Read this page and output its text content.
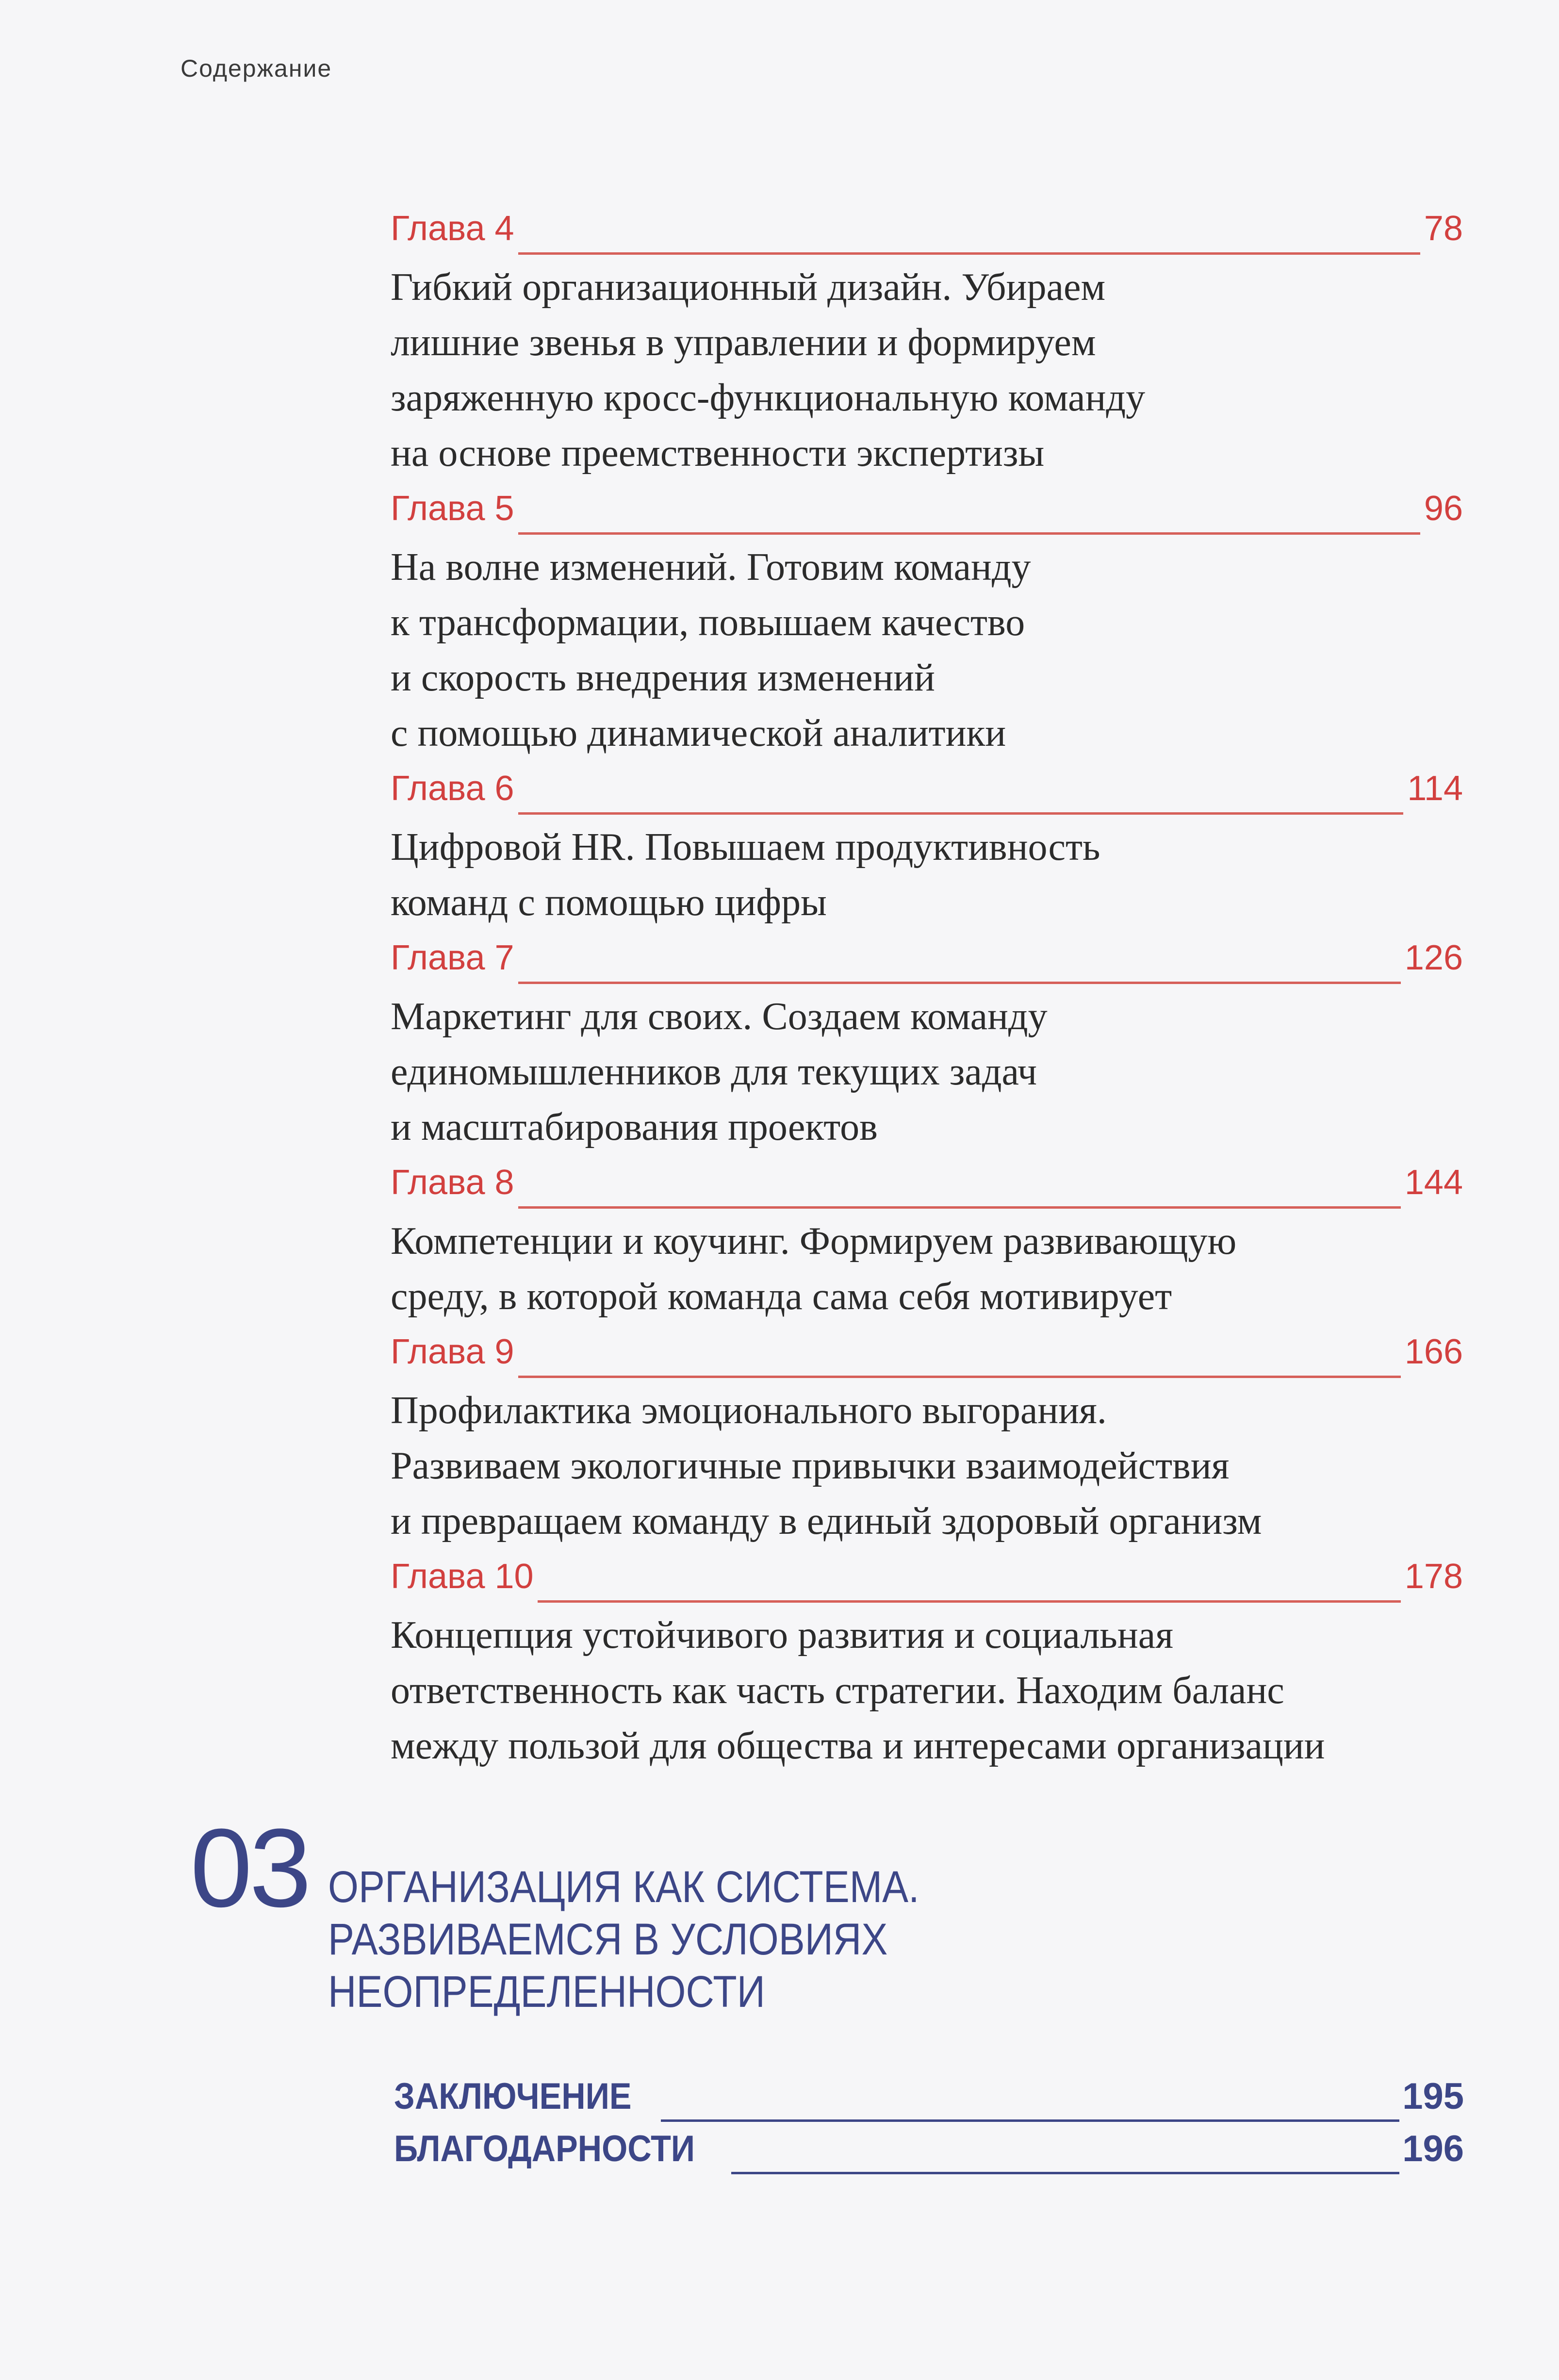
Содержание
Глава 4	78
Гибкий организационный дизайн. Убираем
лишние звенья в управлении и формируем
заряженную кросс-функциональную команду
на основе преемственности экспертизы
Глава 5	96
На волне изменений. Готовим команду
к трансформации, повышаем качество
и скорость внедрения изменений
с помощью динамической аналитики
Глава 6	114
Цифровой HR. Повышаем продуктивность
команд с помощью цифры
Глава 7	126
Маркетинг для своих. Создаем команду
единомышленников для текущих задач
и масштабирования проектов
Глава 8	144
Компетенции и коучинг. Формируем развивающую
среду, в которой команда сама себя мотивирует
Глава 9	166
Профилактика эмоционального выгорания.
Развиваем экологичные привычки взаимодействия
и превращаем команду в единый здоровый организм
Глава 10	178
Концепция устойчивого развития и социальная
ответственность как часть стратегии. Находим баланс
между пользой для общества и интересами организации
03 ОРГАНИЗАЦИЯ КАК СИСТЕМА.
РАЗВИВАЕМСЯ В УСЛОВИЯХ
НЕОПРЕДЕЛЕННОСТИ
ЗАКЛЮЧЕНИЕ	195
БЛАГОДАРНОСТИ	196
